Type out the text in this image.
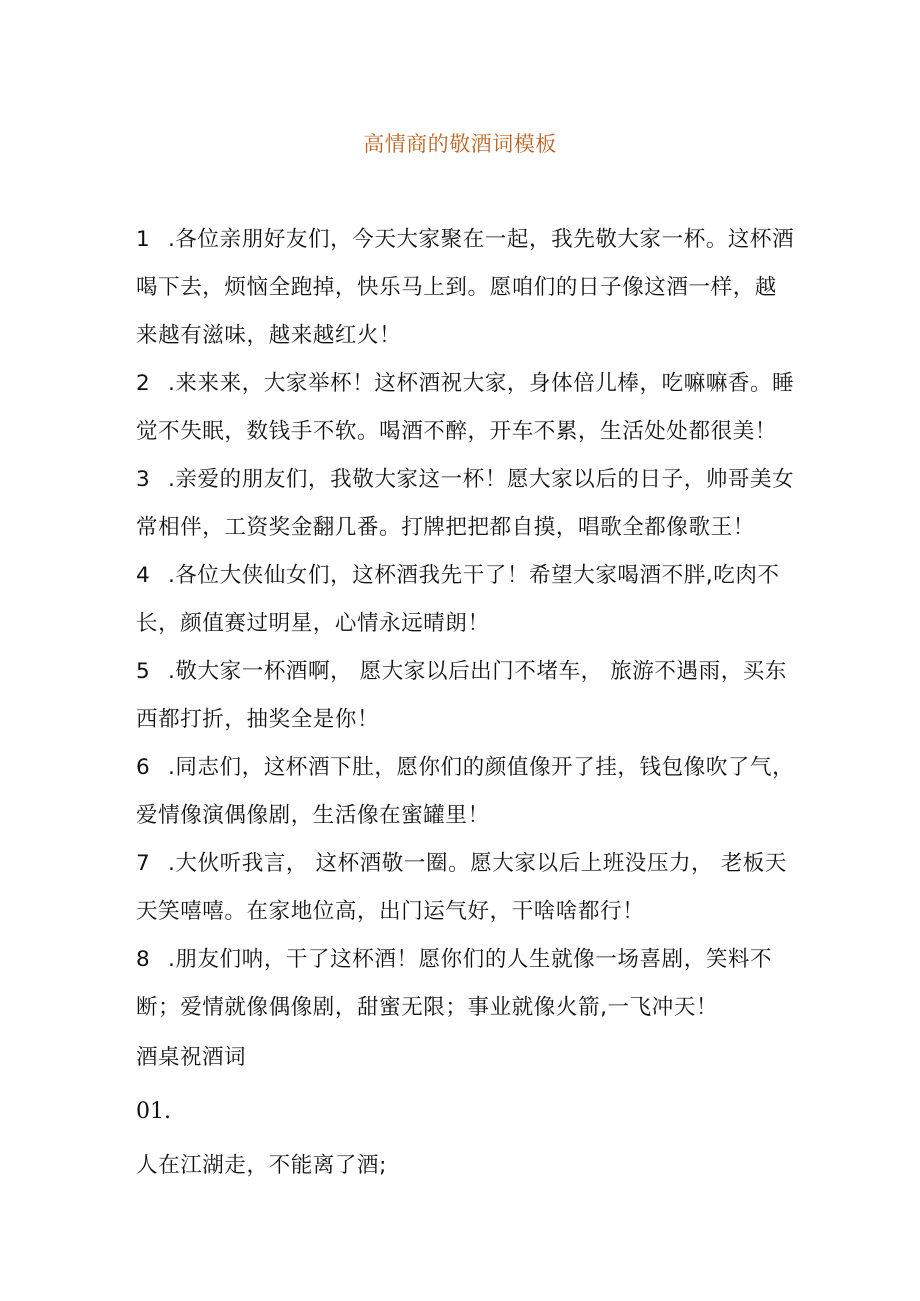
高情商的敬酒词模板

1 .各位亲朋好友们，今天大家聚在一起，我先敬大家一杯。这杯酒喝下去，烦恼全跑掉，快乐马上到。愿咱们的日子像这酒一样，越来越有滋味，越来越红火！

2 .来来来，大家举杯！这杯酒祝大家，身体倍儿棒，吃嘛嘛香。睡觉不失眠，数钱手不软。喝酒不醉，开车不累，生活处处都很美！

3 .亲爱的朋友们，我敬大家这一杯！愿大家以后的日子，帅哥美女常相伴，工资奖金翻几番。打牌把把都自摸，唱歌全都像歌王！

4 .各位大侠仙女们，这杯酒我先干了！希望大家喝酒不胖,吃肉不长，颜值赛过明星，心情永远晴朗！

5 .敬大家一杯酒啊， 愿大家以后出门不堵车， 旅游不遇雨，买东西都打折，抽奖全是你！

6 .同志们，这杯酒下肚，愿你们的颜值像开了挂，钱包像吹了气，爱情像演偶像剧，生活像在蜜罐里！

7 .大伙听我言， 这杯酒敬一圈。愿大家以后上班没压力， 老板天天笑嘻嘻。在家地位高，出门运气好，干啥啥都行！

8 .朋友们呐，干了这杯酒！愿你们的人生就像一场喜剧，笑料不断；爱情就像偶像剧，甜蜜无限；事业就像火箭,一飞冲天！

酒桌祝酒词
01.
人在江湖走，不能离了酒;
